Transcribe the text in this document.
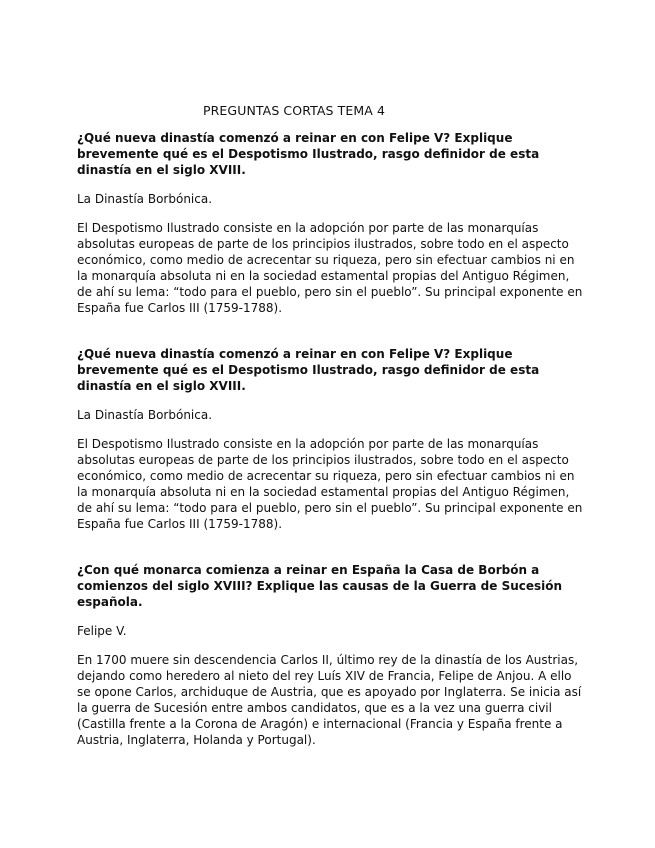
PREGUNTAS CORTAS TEMA 4

¿Qué nueva dinastía comenzó a reinar en con Felipe V? Explique
brevemente qué es el Despotismo Ilustrado, rasgo definidor de esta
dinastía en el siglo XVIII.

La Dinastía Borbónica.

El Despotismo Ilustrado consiste en la adopción por parte de las monarquías
absolutas europeas de parte de los principios ilustrados, sobre todo en el aspecto
económico, como medio de acrecentar su riqueza, pero sin efectuar cambios ni en
la monarquía absoluta ni en la sociedad estamental propias del Antiguo Régimen,
de ahí su lema: “todo para el pueblo, pero sin el pueblo”. Su principal exponente en
España fue Carlos III (1759-1788).

¿Qué nueva dinastía comenzó a reinar en con Felipe V? Explique
brevemente qué es el Despotismo Ilustrado, rasgo definidor de esta
dinastía en el siglo XVIII.

La Dinastía Borbónica.

El Despotismo Ilustrado consiste en la adopción por parte de las monarquías
absolutas europeas de parte de los principios ilustrados, sobre todo en el aspecto
económico, como medio de acrecentar su riqueza, pero sin efectuar cambios ni en
la monarquía absoluta ni en la sociedad estamental propias del Antiguo Régimen,
de ahí su lema: “todo para el pueblo, pero sin el pueblo”. Su principal exponente en
España fue Carlos III (1759-1788).

¿Con qué monarca comienza a reinar en España la Casa de Borbón a
comienzos del siglo XVIII? Explique las causas de la Guerra de Sucesión
española.

Felipe V.

En 1700 muere sin descendencia Carlos II, último rey de la dinastía de los Austrias,
dejando como heredero al nieto del rey Luís XIV de Francia, Felipe de Anjou. A ello
se opone Carlos, archiduque de Austria, que es apoyado por Inglaterra. Se inicia así
la guerra de Sucesión entre ambos candidatos, que es a la vez una guerra civil
(Castilla frente a la Corona de Aragón) e internacional (Francia y España frente a
Austria, Inglaterra, Holanda y Portugal).
